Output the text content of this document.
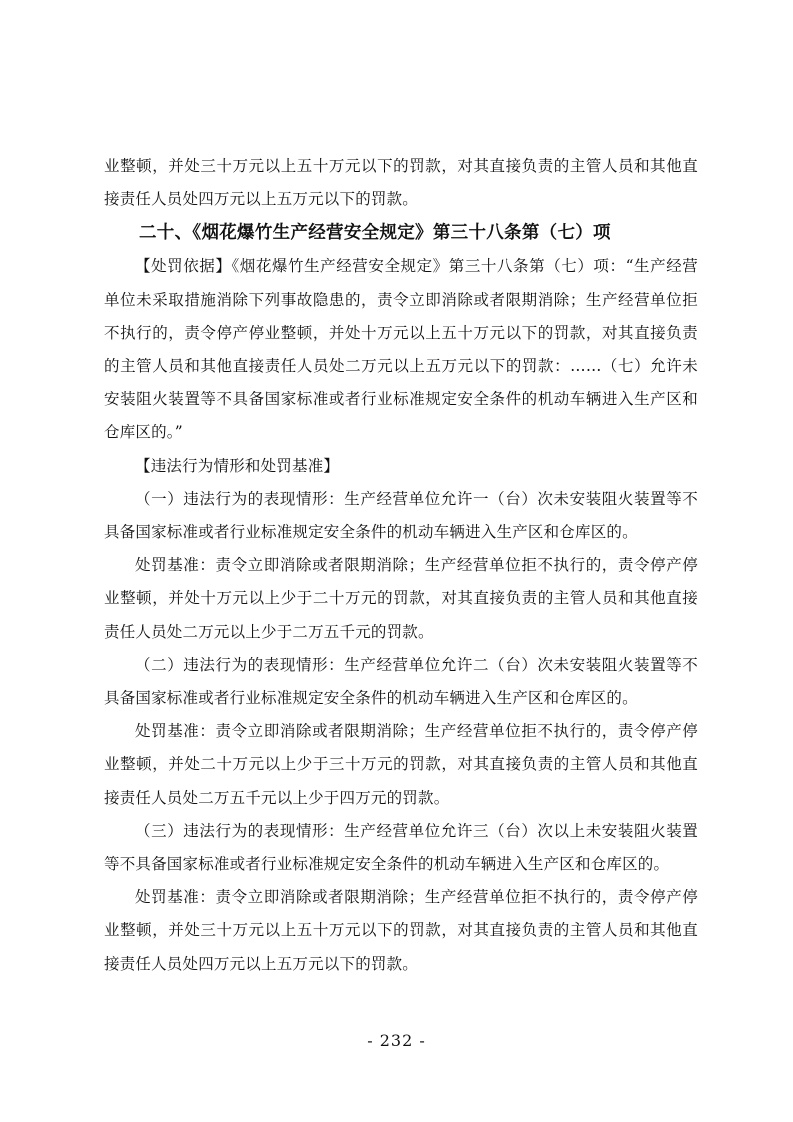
业整顿，并处三十万元以上五十万元以下的罚款，对其直接负责的主管人员和其他直接责任人员处四万元以上五万元以下的罚款。

二十、《烟花爆竹生产经营安全规定》第三十八条第（七）项

【处罚依据】《烟花爆竹生产经营安全规定》第三十八条第（七）项：“生产经营单位未采取措施消除下列事故隐患的，责令立即消除或者限期消除；生产经营单位拒不执行的，责令停产停业整顿，并处十万元以上五十万元以下的罚款，对其直接负责的主管人员和其他直接责任人员处二万元以上五万元以下的罚款：……（七）允许未安装阻火装置等不具备国家标准或者行业标准规定安全条件的机动车辆进入生产区和仓库区的。”

【违法行为情形和处罚基准】

（一）违法行为的表现情形：生产经营单位允许一（台）次未安装阻火装置等不具备国家标准或者行业标准规定安全条件的机动车辆进入生产区和仓库区的。

处罚基准：责令立即消除或者限期消除；生产经营单位拒不执行的，责令停产停业整顿，并处十万元以上少于二十万元的罚款，对其直接负责的主管人员和其他直接责任人员处二万元以上少于二万五千元的罚款。

（二）违法行为的表现情形：生产经营单位允许二（台）次未安装阻火装置等不具备国家标准或者行业标准规定安全条件的机动车辆进入生产区和仓库区的。

处罚基准：责令立即消除或者限期消除；生产经营单位拒不执行的，责令停产停业整顿，并处二十万元以上少于三十万元的罚款，对其直接负责的主管人员和其他直接责任人员处二万五千元以上少于四万元的罚款。

（三）违法行为的表现情形：生产经营单位允许三（台）次以上未安装阻火装置等不具备国家标准或者行业标准规定安全条件的机动车辆进入生产区和仓库区的。

处罚基准：责令立即消除或者限期消除；生产经营单位拒不执行的，责令停产停业整顿，并处三十万元以上五十万元以下的罚款，对其直接负责的主管人员和其他直接责任人员处四万元以上五万元以下的罚款。

- 232 -
